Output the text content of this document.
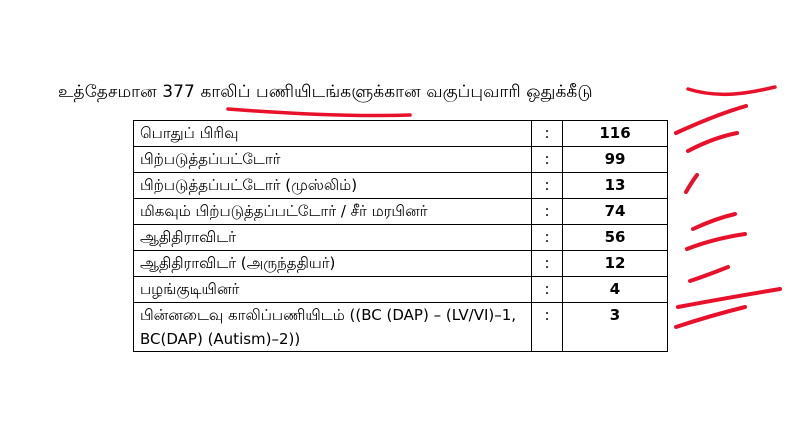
உத்தேசமான 377 காலிப் பணியிடங்களுக்கான வகுப்புவாரி ஒதுக்கீடு
பொதுப் பிரிவு	:	116
பிற்படுத்தப்பட்டோர்	:	99
பிற்படுத்தப்பட்டோர் (முஸ்லிம்)	:	13
மிகவும் பிற்படுத்தப்பட்டோர் / சீர் மரபினர்	:	74
ஆதிதிராவிடர்	:	56
ஆதிதிராவிடர் (அருந்ததியர்)	:	12
பழங்குடியினர்	:	4
பின்னடைவு காலிப்பணியிடம் ((BC (DAP) – (LV/VI)–1, BC(DAP) (Autism)–2))	:	3
